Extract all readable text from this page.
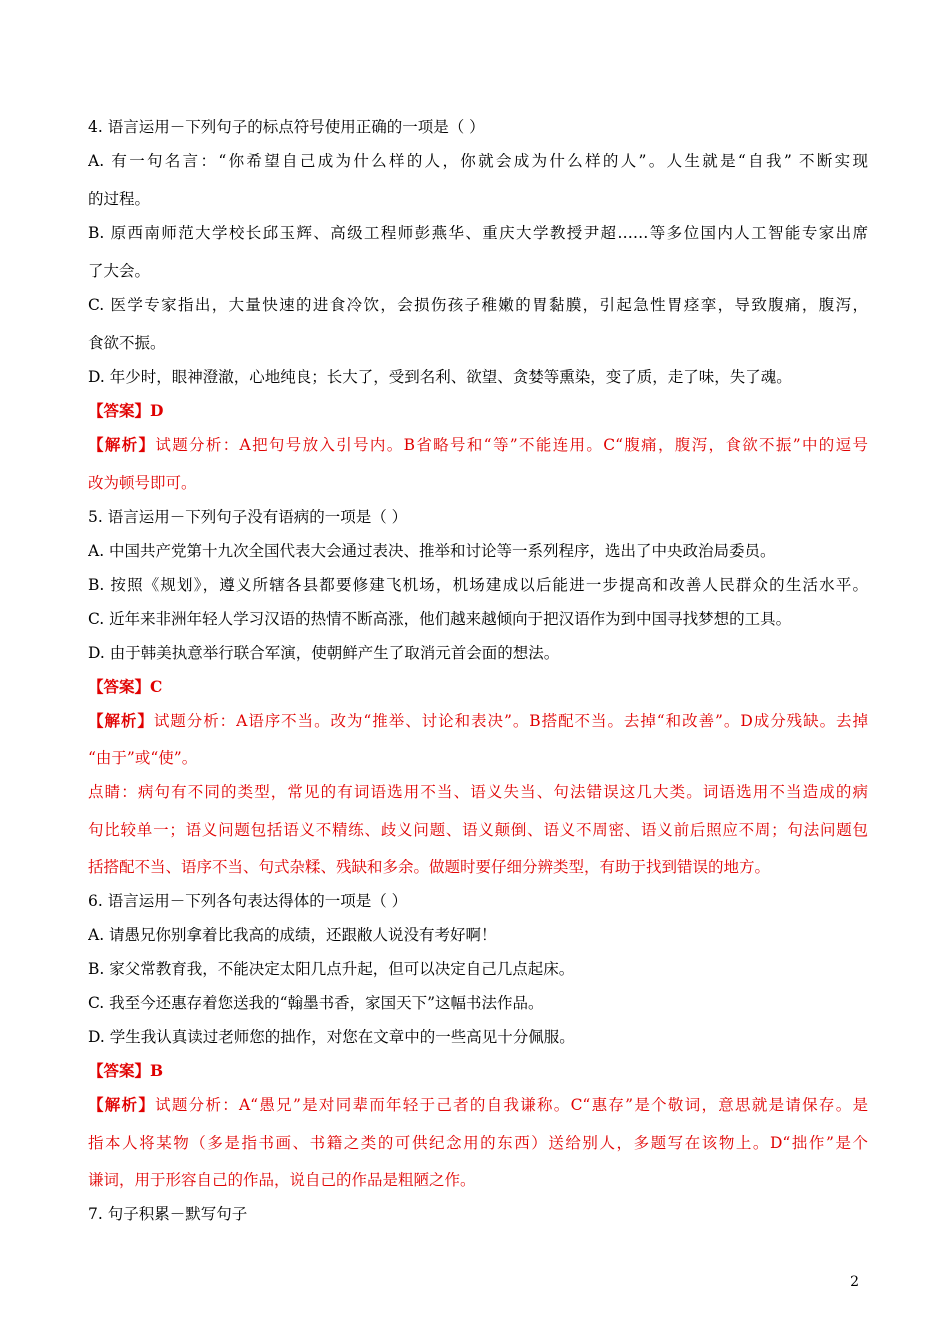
4. 语言运用－下列句子的标点符号使用正确的一项是（ ）
A. 有一句名言：“你希望自己成为什么样的人，你就会成为什么样的人”。人生就是“自我” 不断实现
的过程。
B. 原西南师范大学校长邱玉辉、高级工程师彭燕华、重庆大学教授尹超……等多位国内人工智能专家出席
了大会。
C. 医学专家指出，大量快速的进食冷饮，会损伤孩子稚嫩的胃黏膜，引起急性胃痉挛，导致腹痛，腹泻，
食欲不振。
D. 年少时，眼神澄澈，心地纯良；长大了，受到名利、欲望、贪婪等熏染，变了质，走了味，失了魂。
【答案】D
【解析】试题分析：A把句号放入引号内。B省略号和“等”不能连用。C“腹痛，腹泻，食欲不振”中的逗号
改为顿号即可。
5. 语言运用－下列句子没有语病的一项是（ ）
A. 中国共产党第十九次全国代表大会通过表决、推举和讨论等一系列程序，选出了中央政治局委员。
B. 按照《规划》，遵义所辖各县都要修建飞机场，机场建成以后能进一步提高和改善人民群众的生活水平。
C. 近年来非洲年轻人学习汉语的热情不断高涨，他们越来越倾向于把汉语作为到中国寻找梦想的工具。
D. 由于韩美执意举行联合军演，使朝鲜产生了取消元首会面的想法。
【答案】C
【解析】试题分析：A语序不当。改为“推举、讨论和表决”。B搭配不当。去掉“和改善”。D成分残缺。去掉
“由于”或“使”。
点睛：病句有不同的类型，常见的有词语选用不当、语义失当、句法错误这几大类。词语选用不当造成的病
句比较单一；语义问题包括语义不精练、歧义问题、语义颠倒、语义不周密、语义前后照应不周；句法问题包
括搭配不当、语序不当、句式杂糅、残缺和多余。做题时要仔细分辨类型，有助于找到错误的地方。
6. 语言运用－下列各句表达得体的一项是（ ）
A. 请愚兄你别拿着比我高的成绩，还跟敝人说没有考好啊！
B. 家父常教育我，不能决定太阳几点升起，但可以决定自己几点起床。
C. 我至今还惠存着您送我的“翰墨书香，家国天下”这幅书法作品。
D. 学生我认真读过老师您的拙作，对您在文章中的一些高见十分佩服。
【答案】B
【解析】试题分析：A“愚兄”是对同辈而年轻于己者的自我谦称。C“惠存”是个敬词，意思就是请保存。是
指本人将某物（多是指书画、书籍之类的可供纪念用的东西）送给别人，多题写在该物上。D“拙作”是个
谦词，用于形容自己的作品，说自己的作品是粗陋之作。
7. 句子积累－默写句子
2
